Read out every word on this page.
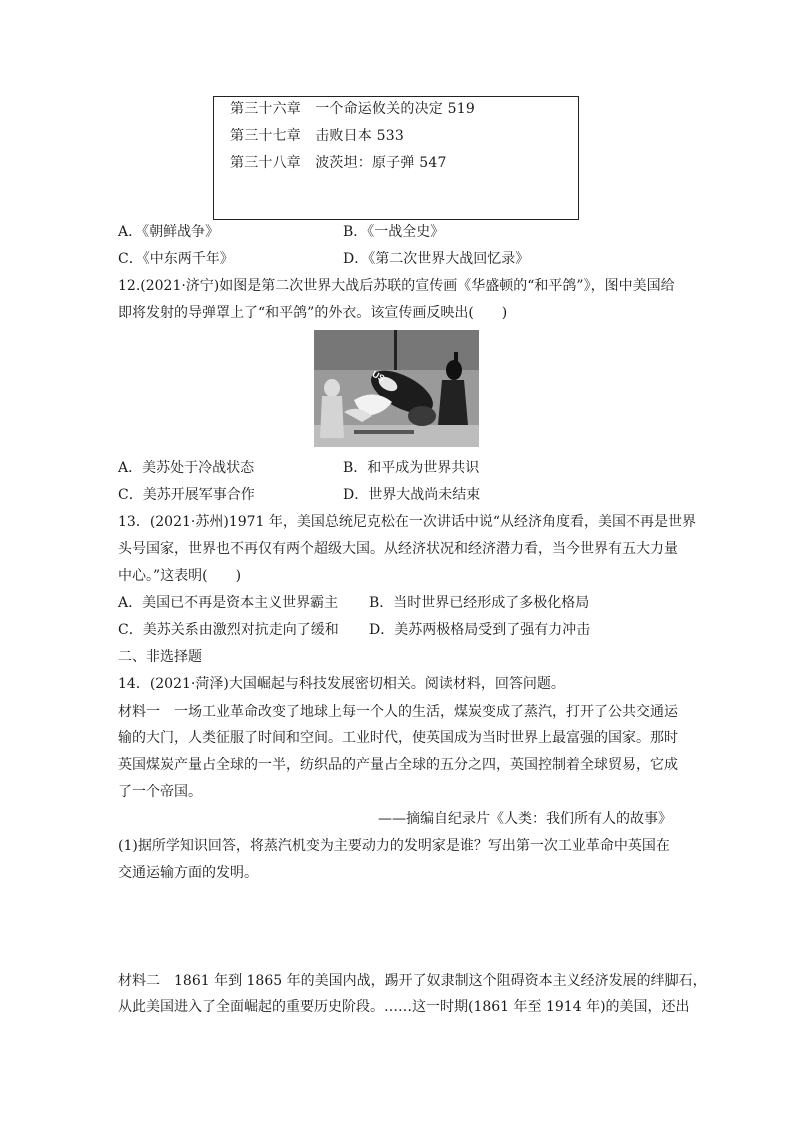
第三十六章　 一个命运攸关的决定 519
第三十七章　 击败日本 533
第三十八章　 波茨坦：原子弹 547
A．《朝鲜战争》	B．《一战全史》
C．《中东两千年》	D．《第二次世界大战回忆录》
12.(2021·济宁)如图是第二次世界大战后苏联的宣传画《华盛顿的“和平鸽”》，图中美国给
即将发射的导弹罩上了“和平鸽”的外衣。该宣传画反映出(　　)
US
A．美苏处于冷战状态	B．和平成为世界共识
C．美苏开展军事合作	D．世界大战尚未结束
13．(2021·苏州)1971 年，美国总统尼克松在一次讲话中说“从经济角度看，美国不再是世界
头号国家，世界也不再仅有两个超级大国。从经济状况和经济潜力看，当今世界有五大力量
中心。”这表明(　　)
A．美国已不再是资本主义世界霸主 B．当时世界已经形成了多极化格局
C．美苏关系由激烈对抗走向了缓和 D．美苏两极格局受到了强有力冲击
二、非选择题
14．(2021·菏泽)大国崛起与科技发展密切相关。阅读材料，回答问题。
材料一　一场工业革命改变了地球上每一个人的生活，煤炭变成了蒸汽，打开了公共交通运
输的大门，人类征服了时间和空间。工业时代，使英国成为当时世界上最富强的国家。那时
英国煤炭产量占全球的一半，纺织品的产量占全球的五分之四，英国控制着全球贸易，它成
了一个帝国。
——摘编自纪录片《人类：我们所有人的故事》
(1)据所学知识回答，将蒸汽机变为主要动力的发明家是谁？写出第一次工业革命中英国在
交通运输方面的发明。
材料二　1861 年到 1865 年的美国内战，踢开了奴隶制这个阻碍资本主义经济发展的绊脚石，
从此美国进入了全面崛起的重要历史阶段。……这一时期(1861 年至 1914 年)的美国，还出
